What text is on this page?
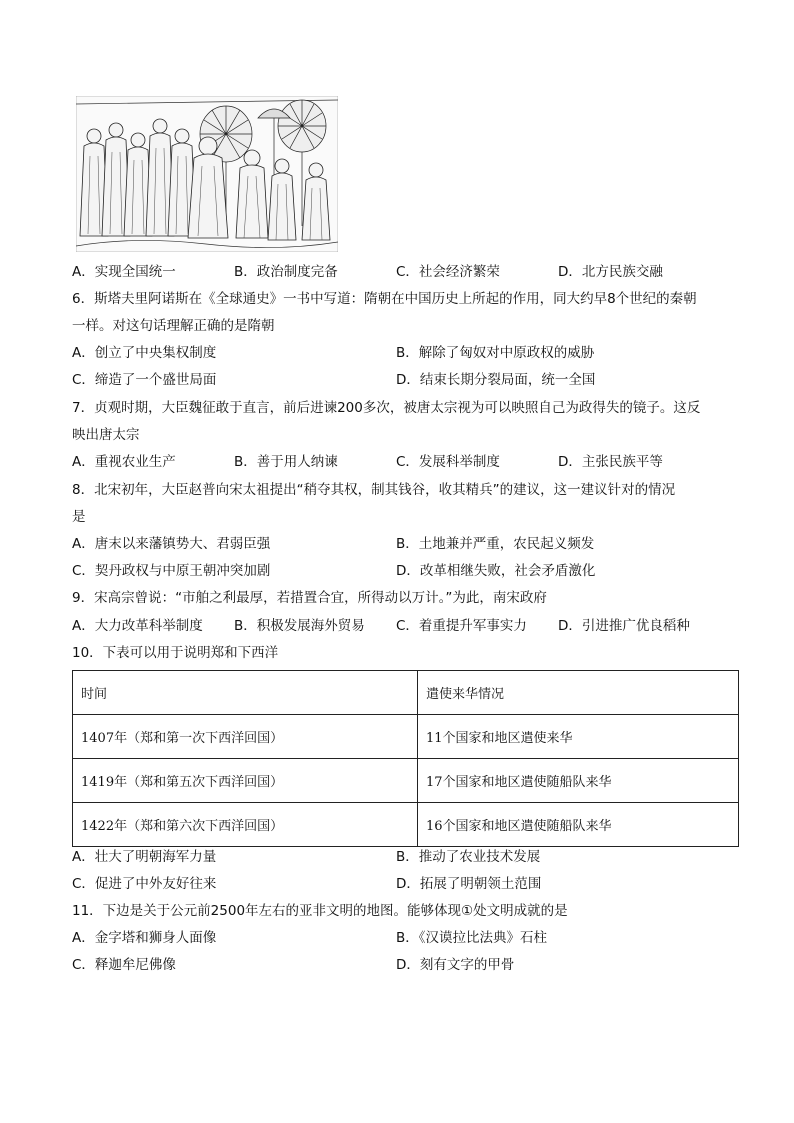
A．实现全国统一	B．政治制度完备	C．社会经济繁荣	D．北方民族交融
6．斯塔夫里阿诺斯在《全球通史》一书中写道：隋朝在中国历史上所起的作用，同大约早8个世纪的秦朝
一样。对这句话理解正确的是隋朝
A．创立了中央集权制度	B．解除了匈奴对中原政权的威胁
C．缔造了一个盛世局面	D．结束长期分裂局面，统一全国
7．贞观时期，大臣魏征敢于直言，前后进谏200多次，被唐太宗视为可以映照自己为政得失的镜子。这反
映出唐太宗
A．重视农业生产	B．善于用人纳谏	C．发展科举制度	D．主张民族平等
8．北宋初年，大臣赵普向宋太祖提出“稍夺其权，制其钱谷，收其精兵”的建议，这一建议针对的情况
是
A．唐末以来藩镇势大、君弱臣强	B．土地兼并严重，农民起义频发
C．契丹政权与中原王朝冲突加剧	D．改革相继失败，社会矛盾激化
9．宋高宗曾说：“市舶之利最厚，若措置合宜，所得动以万计。”为此，南宋政府
A．大力改革科举制度 B．积极发展海外贸易 C．着重提升军事实力 D．引进推广优良稻种
10．下表可以用于说明郑和下西洋
时间	遣使来华情况
1407年（郑和第一次下西洋回国）	11个国家和地区遣使来华
1419年（郑和第五次下西洋回国）	17个国家和地区遣使随船队来华
1422年（郑和第六次下西洋回国）	16个国家和地区遣使随船队来华
A．壮大了明朝海军力量	B．推动了农业技术发展
C．促进了中外友好往来	D．拓展了明朝领土范围
11．下边是关于公元前2500年左右的亚非文明的地图。能够体现①处文明成就的是
A．金字塔和狮身人面像	B．《汉谟拉比法典》石柱
C．释迦牟尼佛像	D．刻有文字的甲骨
